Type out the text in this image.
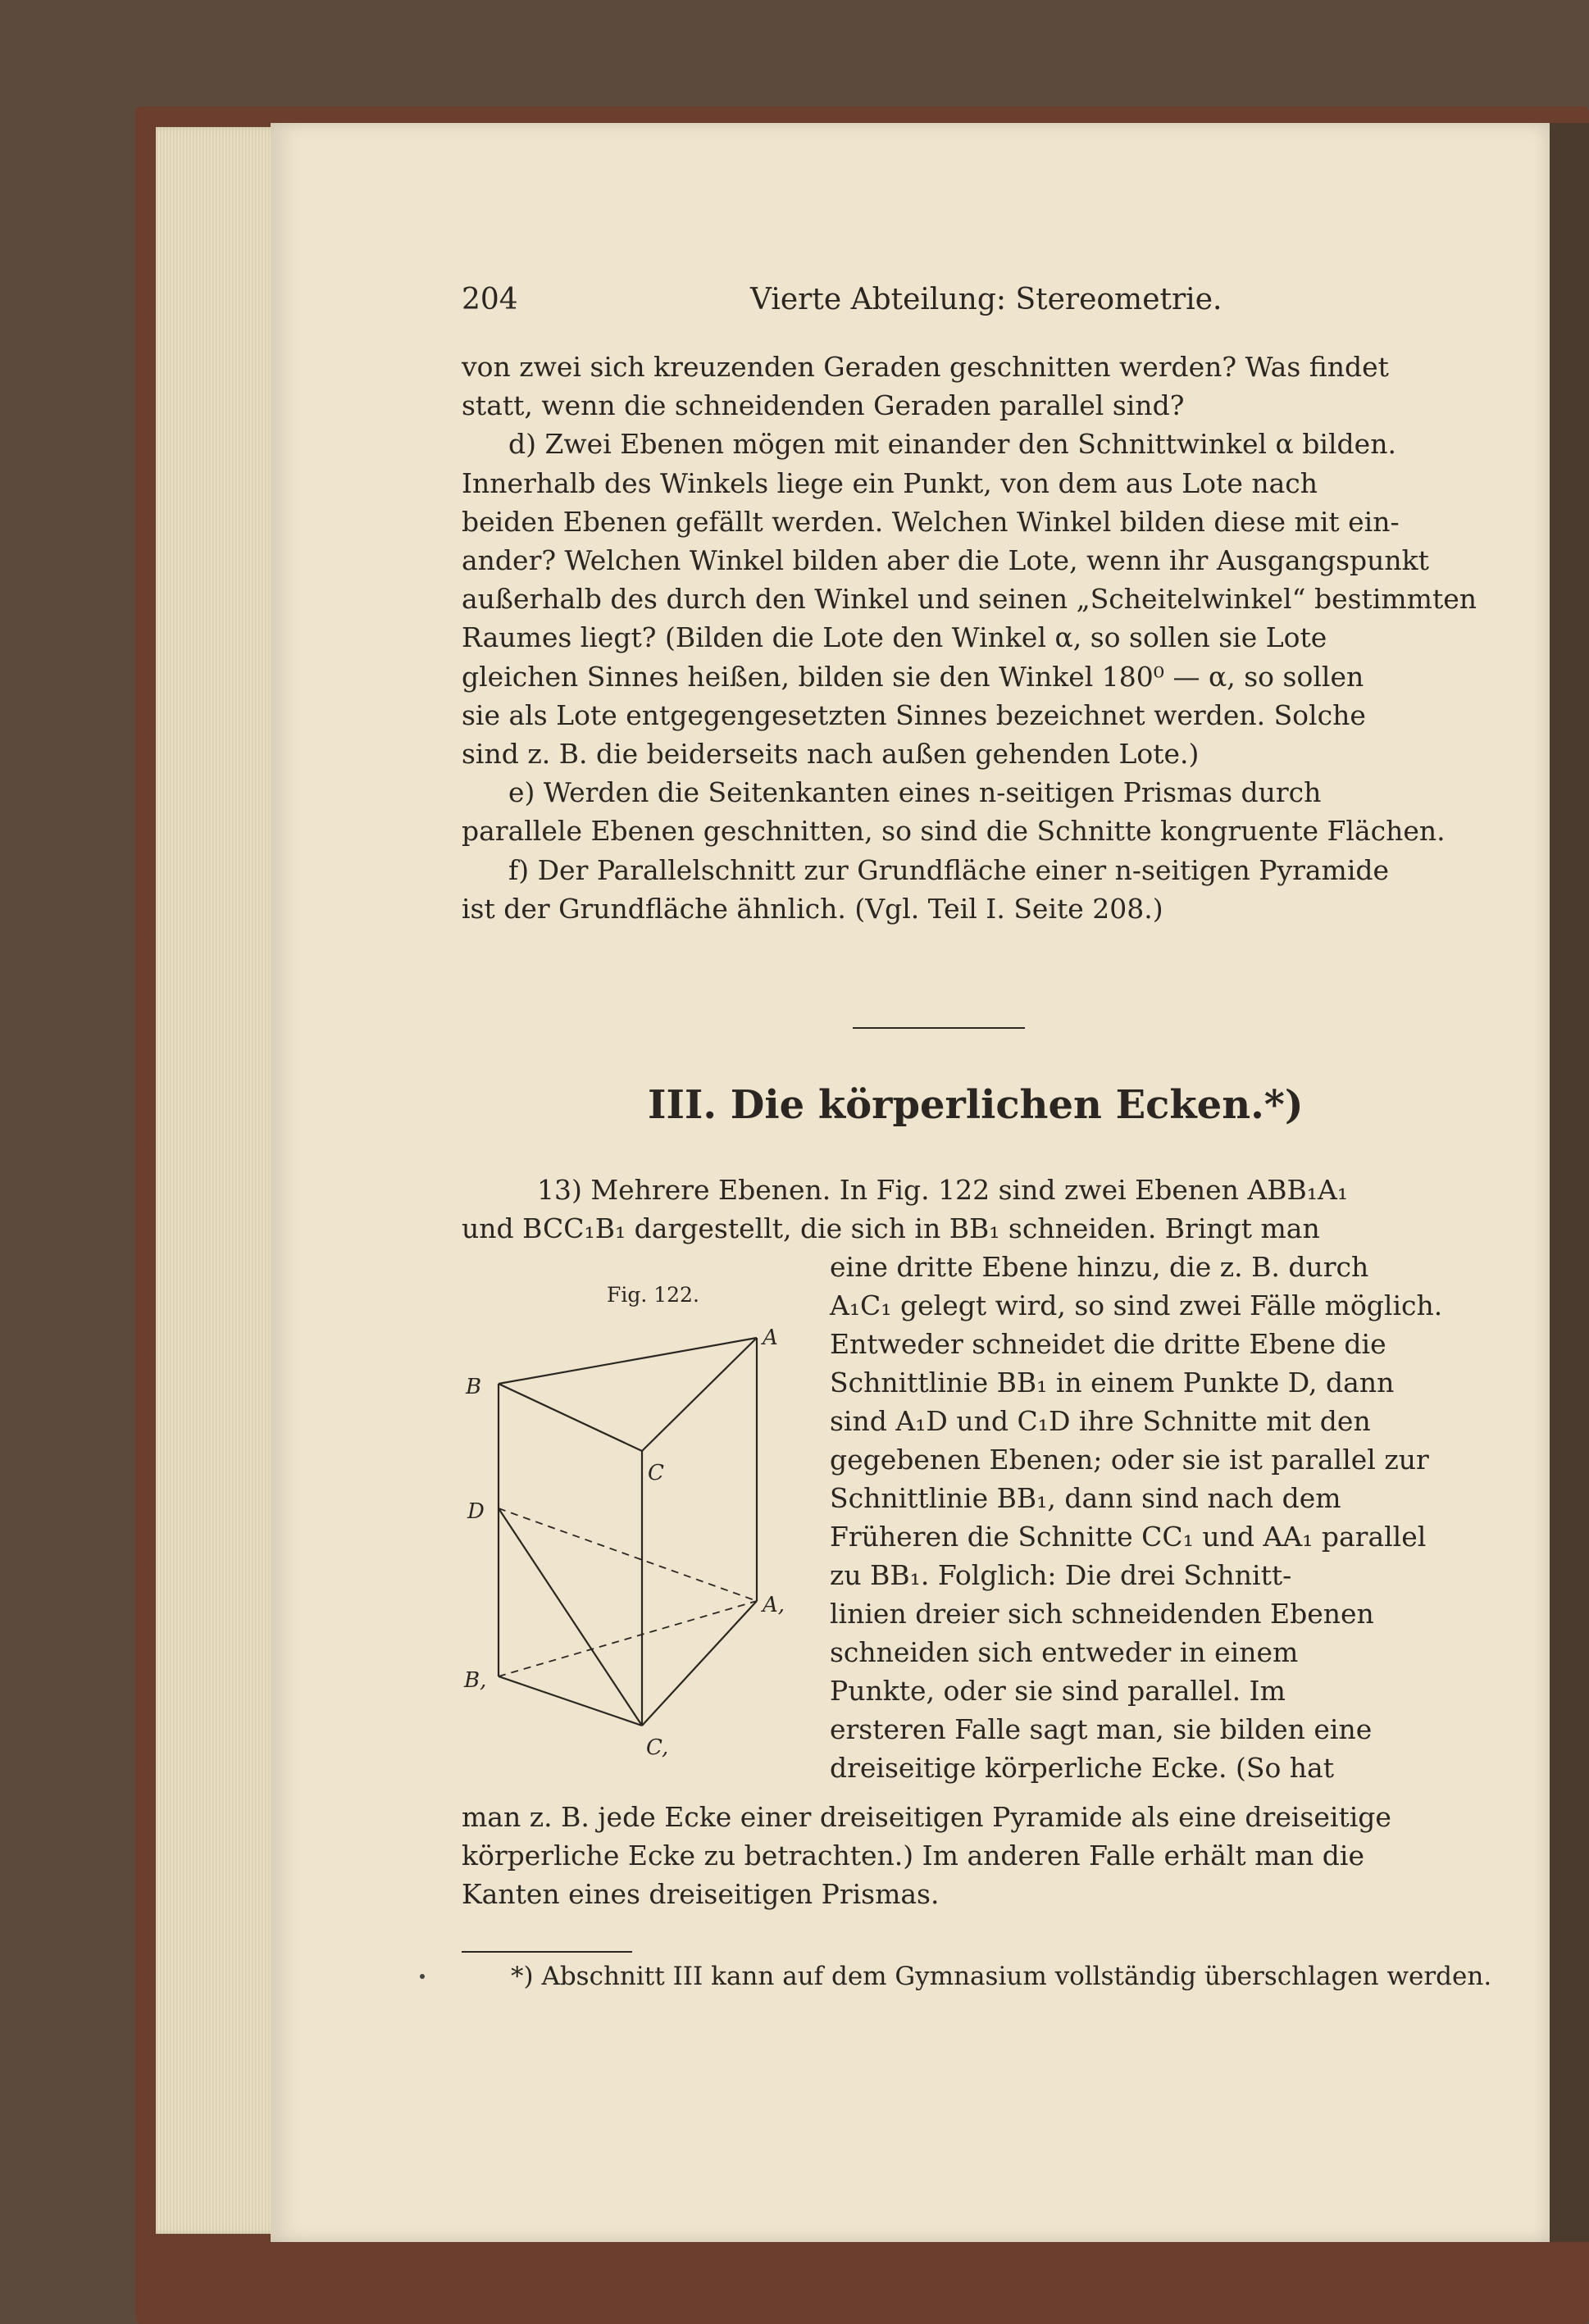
204	Vierte Abteilung: Stereometrie.
von zwei sich kreuzenden Geraden geschnitten werden? Was findet
statt, wenn die schneidenden Geraden parallel sind?
d) Zwei Ebenen mögen mit einander den Schnittwinkel α bilden.
Innerhalb des Winkels liege ein Punkt, von dem aus Lote nach
beiden Ebenen gefällt werden. Welchen Winkel bilden diese mit ein-
ander? Welchen Winkel bilden aber die Lote, wenn ihr Ausgangspunkt
außerhalb des durch den Winkel und seinen „Scheitelwinkel“ bestimmten
Raumes liegt? (Bilden die Lote den Winkel α, so sollen sie Lote
gleichen Sinnes heißen, bilden sie den Winkel 180⁰ — α, so sollen
sie als Lote entgegengesetzten Sinnes bezeichnet werden. Solche
sind z. B. die beiderseits nach außen gehenden Lote.)
e) Werden die Seitenkanten eines n-seitigen Prismas durch
parallele Ebenen geschnitten, so sind die Schnitte kongruente Flächen.
f) Der Parallelschnitt zur Grundfläche einer n-seitigen Pyramide
ist der Grundfläche ähnlich. (Vgl. Teil I. Seite 208.)
III. Die körperlichen Ecken.*)
13) Mehrere Ebenen. In Fig. 122 sind zwei Ebenen ABB₁A₁
und BCC₁B₁ dargestellt, die sich in BB₁ schneiden. Bringt man
Fig. 122.
A
B
C
D
A,
B,
C,
eine dritte Ebene hinzu, die z. B. durch
A₁C₁ gelegt wird, so sind zwei Fälle möglich.
Entweder schneidet die dritte Ebene die
Schnittlinie BB₁ in einem Punkte D, dann
sind A₁D und C₁D ihre Schnitte mit den
gegebenen Ebenen; oder sie ist parallel zur
Schnittlinie BB₁, dann sind nach dem
Früheren die Schnitte CC₁ und AA₁ parallel
zu BB₁. Folglich: Die drei Schnitt-
linien dreier sich schneidenden Ebenen
schneiden sich entweder in einem
Punkte, oder sie sind parallel. Im
ersteren Falle sagt man, sie bilden eine
dreiseitige körperliche Ecke. (So hat
man z. B. jede Ecke einer dreiseitigen Pyramide als eine dreiseitige
körperliche Ecke zu betrachten.) Im anderen Falle erhält man die
Kanten eines dreiseitigen Prismas.
*) Abschnitt III kann auf dem Gymnasium vollständig überschlagen werden.
